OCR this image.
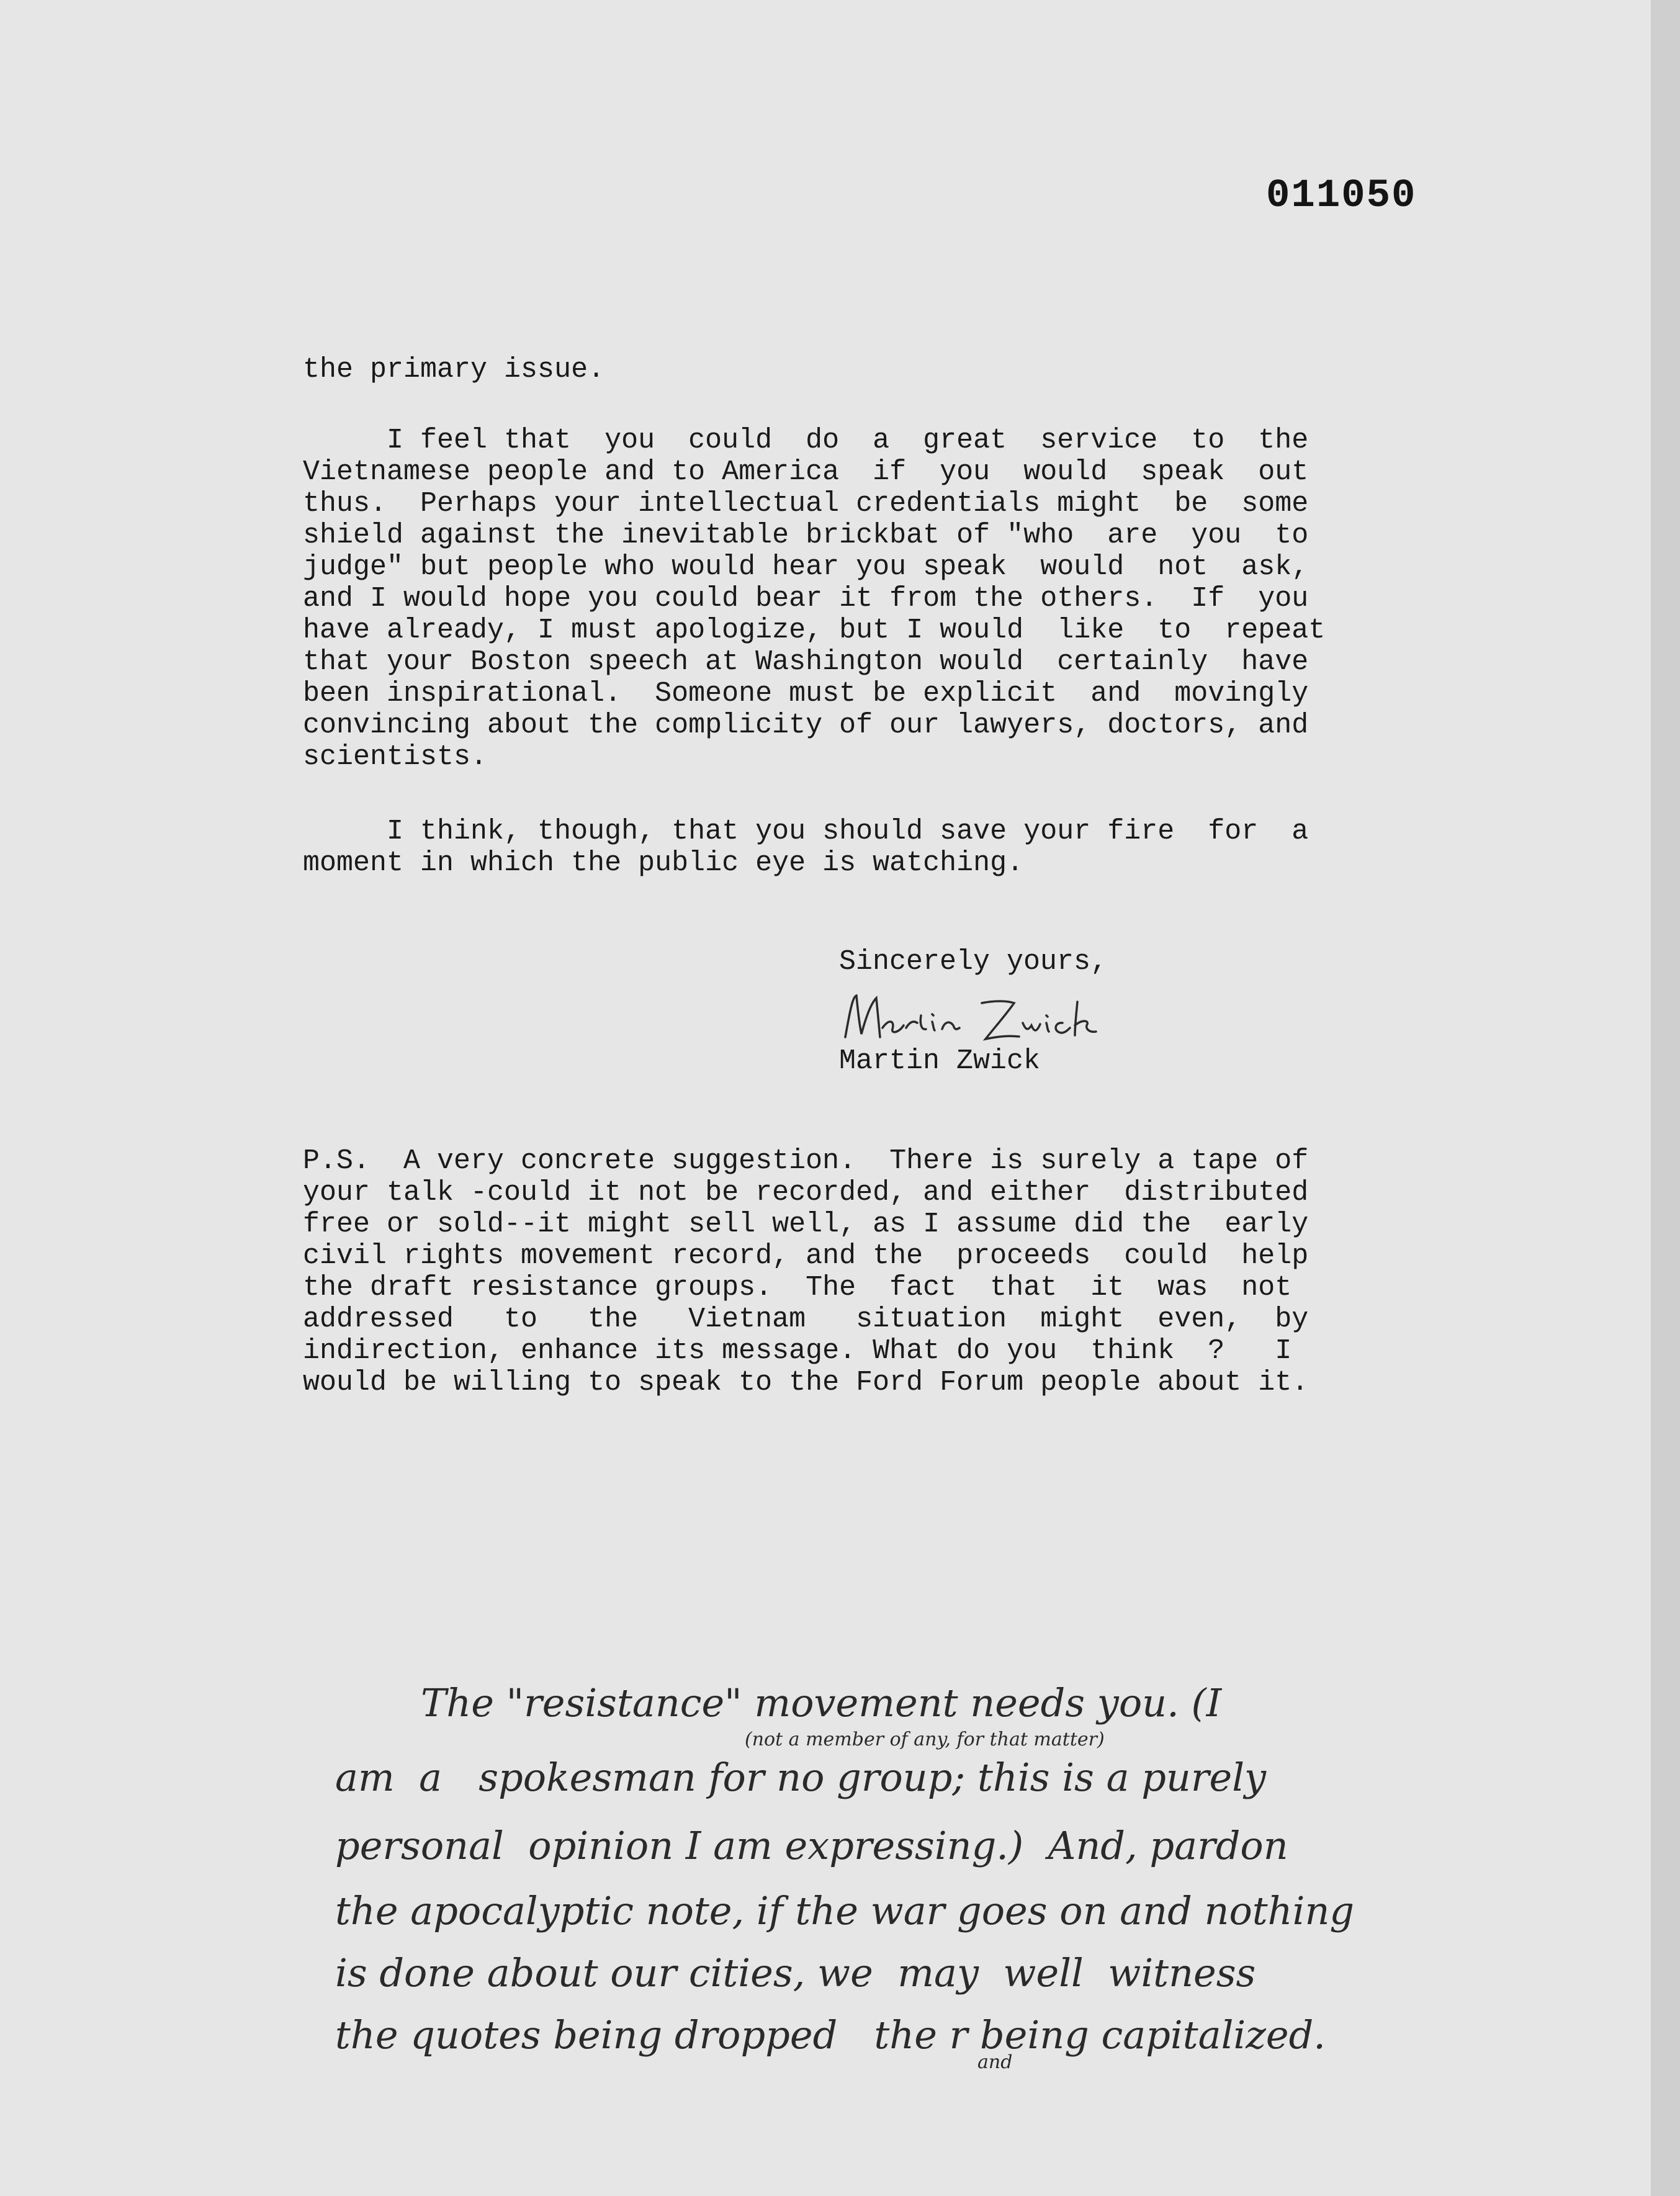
011050

the primary issue.

I feel that  you  could  do  a  great  service  to  the

Vietnamese people and to America  if  you  would  speak  out

thus.  Perhaps your intellectual credentials might  be  some

shield against the inevitable brickbat of "who  are  you  to

judge" but people who would hear you speak  would  not  ask,

and I would hope you could bear it from the others.  If  you

have already, I must apologize, but I would  like  to  repeat

that your Boston speech at Washington would  certainly  have

been inspirational.  Someone must be explicit  and  movingly

convincing about the complicity of our lawyers, doctors, and

scientists.

I think, though, that you should save your fire  for  a

moment in which the public eye is watching.

Sincerely yours,
Martin Zwick

P.S.  A very concrete suggestion.  There is surely a tape of

your talk -could it not be recorded, and either  distributed

free or sold--it might sell well, as I assume did the  early

civil rights movement record, and the  proceeds  could  help

the draft resistance groups.  The  fact  that  it  was  not

addressed   to   the   Vietnam   situation  might  even,  by

indirection, enhance its message. What do you  think  ?   I

would be willing to speak to the Ford Forum people about it.

The "resistance" movement needs you. (I

(not a member of any, for that matter)

am  a   spokesman for no group; this is a purely

personal  opinion I am expressing.)  And, pardon

the apocalyptic note, if the war goes on and nothing

is done about our cities, we  may  well  witness

and

the quotes being dropped   the r being capitalized.
